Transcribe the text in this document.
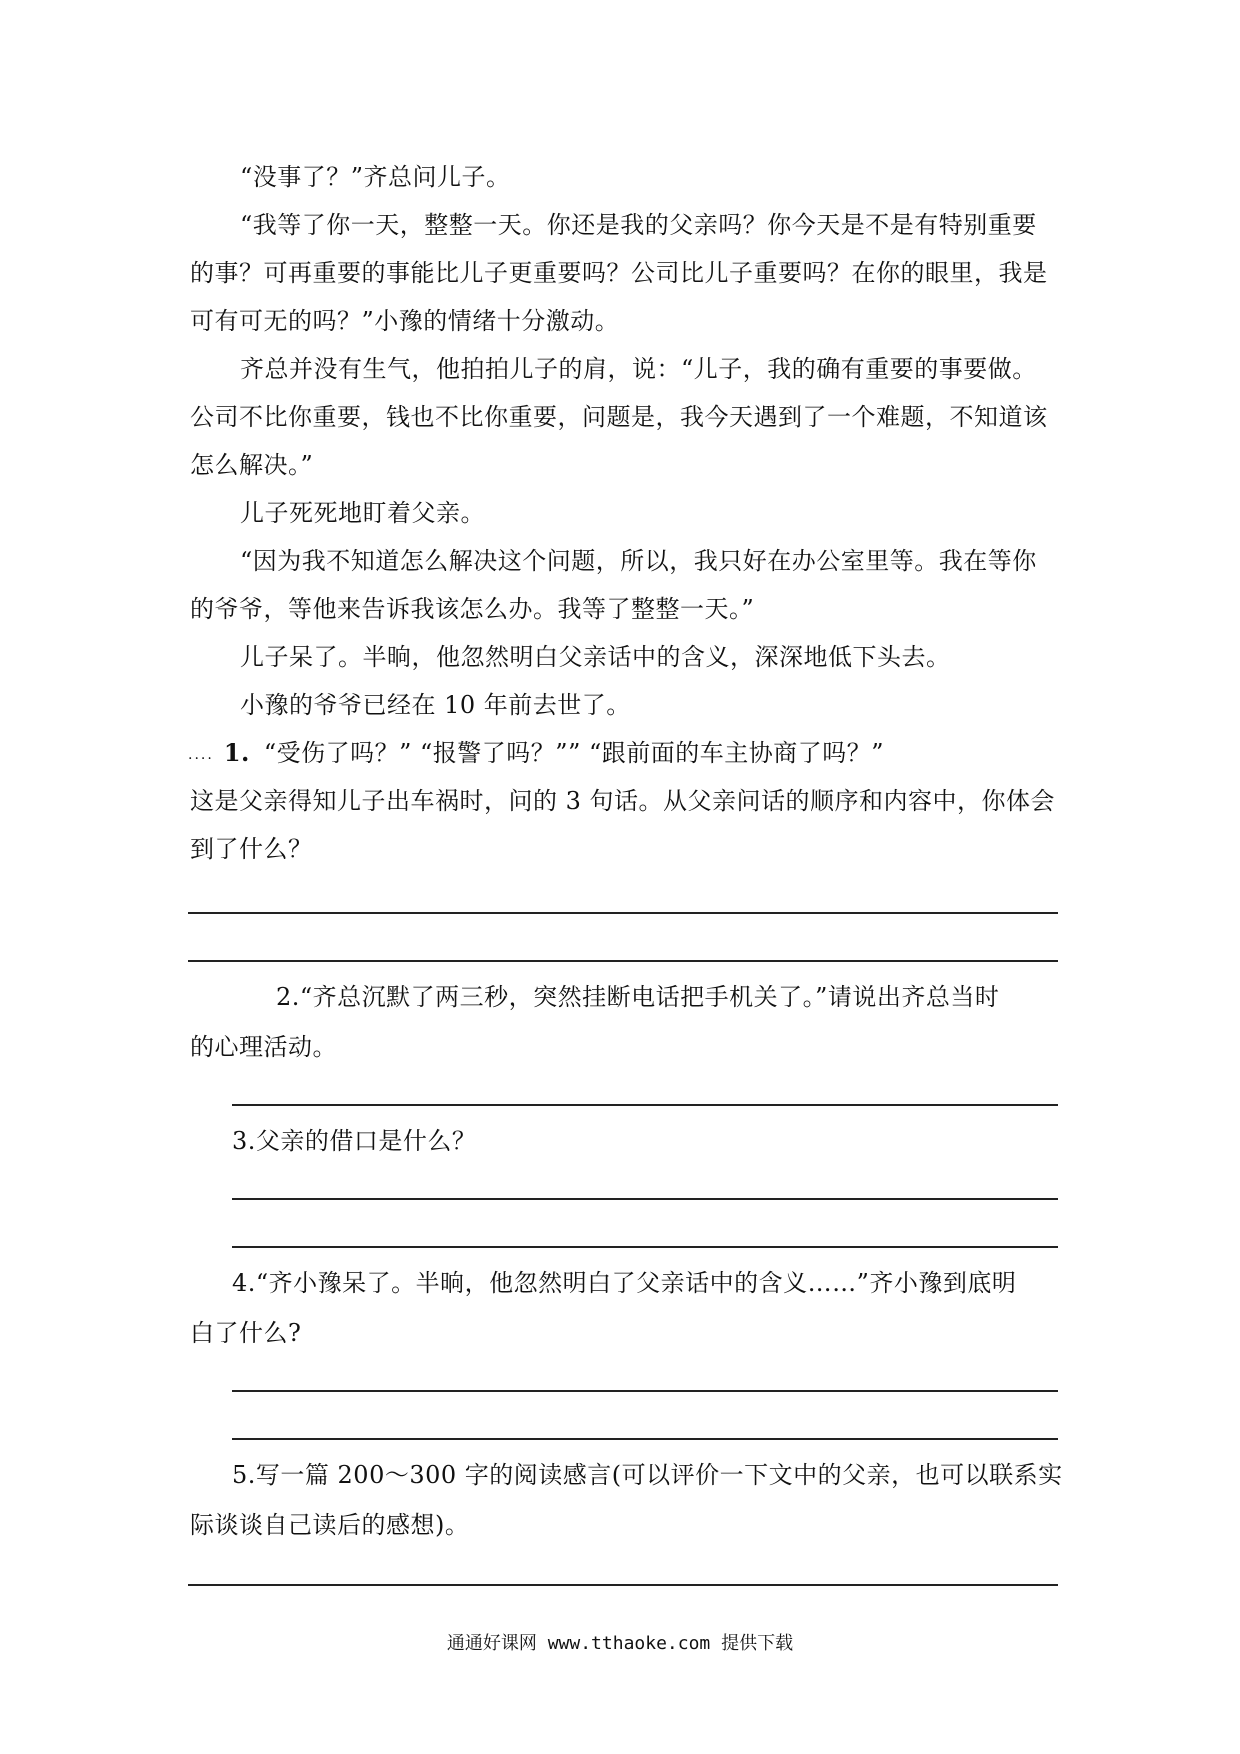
“没事了？”齐总问儿子。
“我等了你一天，整整一天。你还是我的父亲吗？你今天是不是有特别重要
的事？可再重要的事能比儿子更重要吗？公司比儿子重要吗？在你的眼里，我是
可有可无的吗？”小豫的情绪十分激动。
齐总并没有生气，他拍拍儿子的肩，说：“儿子，我的确有重要的事要做。
公司不比你重要，钱也不比你重要，问题是，我今天遇到了一个难题，不知道该
怎么解决。”
儿子死死地盯着父亲。
“因为我不知道怎么解决这个问题，所以，我只好在办公室里等。我在等你
的爷爷，等他来告诉我该怎么办。我等了整整一天。”
儿子呆了。半晌，他忽然明白父亲话中的含义，深深地低下头去。
小豫的爷爷已经在 10 年前去世了。
.... 1. “受伤了吗？” “报警了吗？”” “跟前面的车主协商了吗？”
这是父亲得知儿子出车祸时，问的 3 句话。从父亲问话的顺序和内容中，你体会
到了什么？
2.“齐总沉默了两三秒，突然挂断电话把手机关了。”请说出齐总当时
的心理活动。
3.父亲的借口是什么？
4.“齐小豫呆了。半晌，他忽然明白了父亲话中的含义……”齐小豫到底明
白了什么?
5.写一篇 200～300 字的阅读感言(可以评价一下文中的父亲，也可以联系实
际谈谈自己读后的感想)。
通通好课网 www.tthaoke.com 提供下载
